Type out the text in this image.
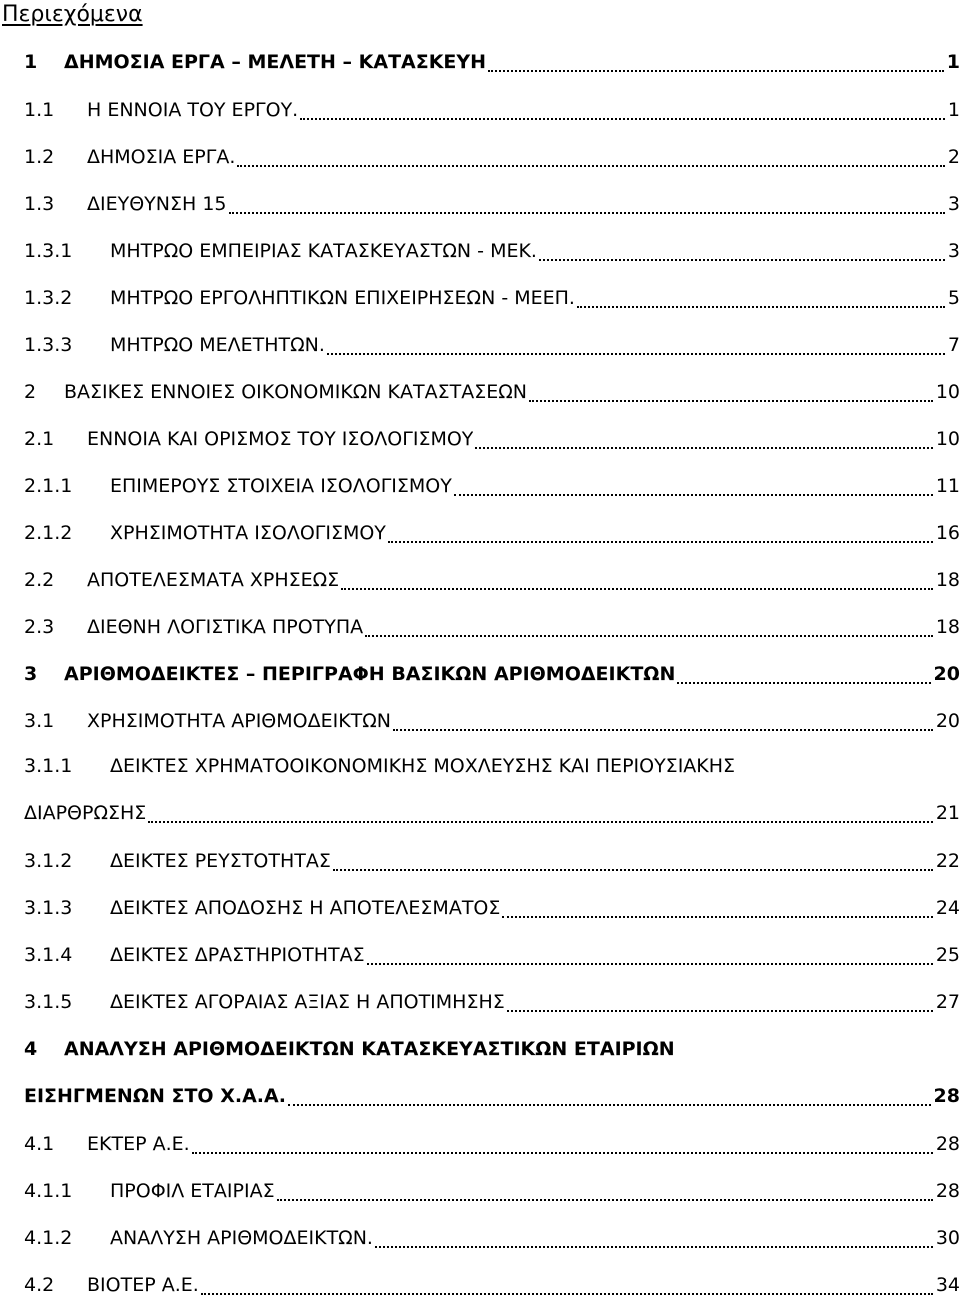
Περιεχόμενα
1	ΔΗΜΟΣΙΑ ΕΡΓΑ – ΜΕΛΕΤΗ – ΚΑΤΑΣΚΕΥΗ	1
1.1	Η ΕΝΝΟΙΑ ΤΟΥ ΕΡΓΟΥ.	1
1.2	ΔΗΜΟΣΙΑ ΕΡΓΑ.	2
1.3	ΔΙΕΥΘΥΝΣΗ 15	3
1.3.1	ΜΗΤΡΩΟ ΕΜΠΕΙΡΙΑΣ ΚΑΤΑΣΚΕΥΑΣΤΩΝ - ΜΕΚ.	3
1.3.2	ΜΗΤΡΩΟ ΕΡΓΟΛΗΠΤΙΚΩΝ ΕΠΙΧΕΙΡΗΣΕΩΝ - ΜΕΕΠ.	5
1.3.3	ΜΗΤΡΩΟ ΜΕΛΕΤΗΤΩΝ.	7
2	ΒΑΣΙΚΕΣ ΕΝΝΟΙΕΣ ΟΙΚΟΝΟΜΙΚΩΝ ΚΑΤΑΣΤΑΣΕΩΝ	10
2.1	ΕΝΝΟΙΑ ΚΑΙ ΟΡΙΣΜΟΣ ΤΟΥ ΙΣΟΛΟΓΙΣΜΟΥ	10
2.1.1	ΕΠΙΜΕΡΟΥΣ ΣΤΟΙΧΕΙΑ ΙΣΟΛΟΓΙΣΜΟΥ	11
2.1.2	ΧΡΗΣΙΜΟΤΗΤΑ ΙΣΟΛΟΓΙΣΜΟΥ	16
2.2	ΑΠΟΤΕΛΕΣΜΑΤΑ ΧΡΗΣΕΩΣ	18
2.3	ΔΙΕΘΝΗ ΛΟΓΙΣΤΙΚΑ ΠΡΟΤΥΠΑ	18
3	ΑΡΙΘΜΟΔΕΙΚΤΕΣ – ΠΕΡΙΓΡΑΦΗ ΒΑΣΙΚΩΝ ΑΡΙΘΜΟΔΕΙΚΤΩΝ	20
3.1	ΧΡΗΣΙΜΟΤΗΤΑ ΑΡΙΘΜΟΔΕΙΚΤΩΝ	20
3.1.1	ΔΕΙΚΤΕΣ ΧΡΗΜΑΤΟΟΙΚΟΝΟΜΙΚΗΣ ΜΟΧΛΕΥΣΗΣ ΚΑΙ ΠΕΡΙΟΥΣΙΑΚΗΣ
ΔΙΑΡΘΡΩΣΗΣ	21
3.1.2	ΔΕΙΚΤΕΣ ΡΕΥΣΤΟΤΗΤΑΣ	22
3.1.3	ΔΕΙΚΤΕΣ ΑΠΟΔΟΣΗΣ Η ΑΠΟΤΕΛΕΣΜΑΤΟΣ	24
3.1.4	ΔΕΙΚΤΕΣ ΔΡΑΣΤΗΡΙΟΤΗΤΑΣ	25
3.1.5	ΔΕΙΚΤΕΣ ΑΓΟΡΑΙΑΣ ΑΞΙΑΣ Η ΑΠΟΤΙΜΗΣΗΣ	27
4	ΑΝΑΛΥΣΗ ΑΡΙΘΜΟΔΕΙΚΤΩΝ ΚΑΤΑΣΚΕΥΑΣΤΙΚΩΝ ΕΤΑΙΡΙΩΝ
ΕΙΣΗΓΜΕΝΩΝ ΣΤΟ Χ.Α.Α.	28
4.1	ΕΚΤΕΡ Α.Ε.	28
4.1.1	ΠΡΟΦΙΛ ΕΤΑΙΡΙΑΣ	28
4.1.2	ΑΝΑΛΥΣΗ ΑΡΙΘΜΟΔΕΙΚΤΩΝ.	30
4.2	ΒΙΟΤΕΡ Α.Ε.	34
